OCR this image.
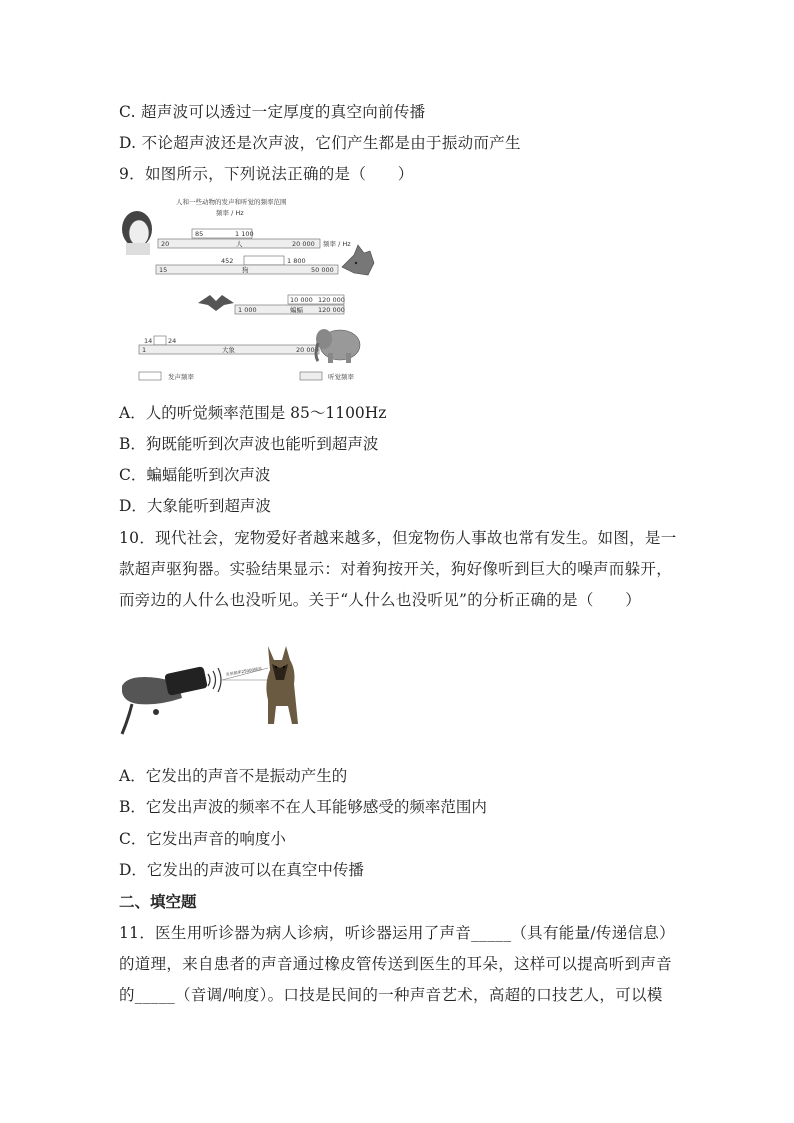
C. 超声波可以透过一定厚度的真空向前传播
D. 不论超声波还是次声波，它们产生都是由于振动而产生
9．如图所示，下列说法正确的是（　　）
人和一些动物的发声和听觉的频率范围
频率 / Hz
85	1 100
20	人	20 000 频率 / Hz
452	1 800
15	狗	50 000
10 000 120 000
1 000	蝙蝠 120 000
14 24
1	大象	20 000
发声频率	听觉频率
A．人的听觉频率范围是 85～1100Hz
B．狗既能听到次声波也能听到超声波
C．蝙蝠能听到次声波
D．大象能听到超声波
10．现代社会，宠物爱好者越来越多，但宠物伤人事故也常有发生。如图，是一
款超声驱狗器。实验结果显示：对着狗按开关，狗好像听到巨大的噪声而躲开，
而旁边的人什么也没听见。关于“人什么也没听见”的分析正确的是（　　）
发射频率25000赫兹
A．它发出的声音不是振动产生的
B．它发出声波的频率不在人耳能够感受的频率范围内
C．它发出声音的响度小
D．它发出的声波可以在真空中传播
二、填空题
11．医生用听诊器为病人诊病，听诊器运用了声音_____（具有能量/传递信息）
的道理，来自患者的声音通过橡皮管传送到医生的耳朵，这样可以提高听到声音
的_____（音调/响度）。口技是民间的一种声音艺术，高超的口技艺人，可以模
